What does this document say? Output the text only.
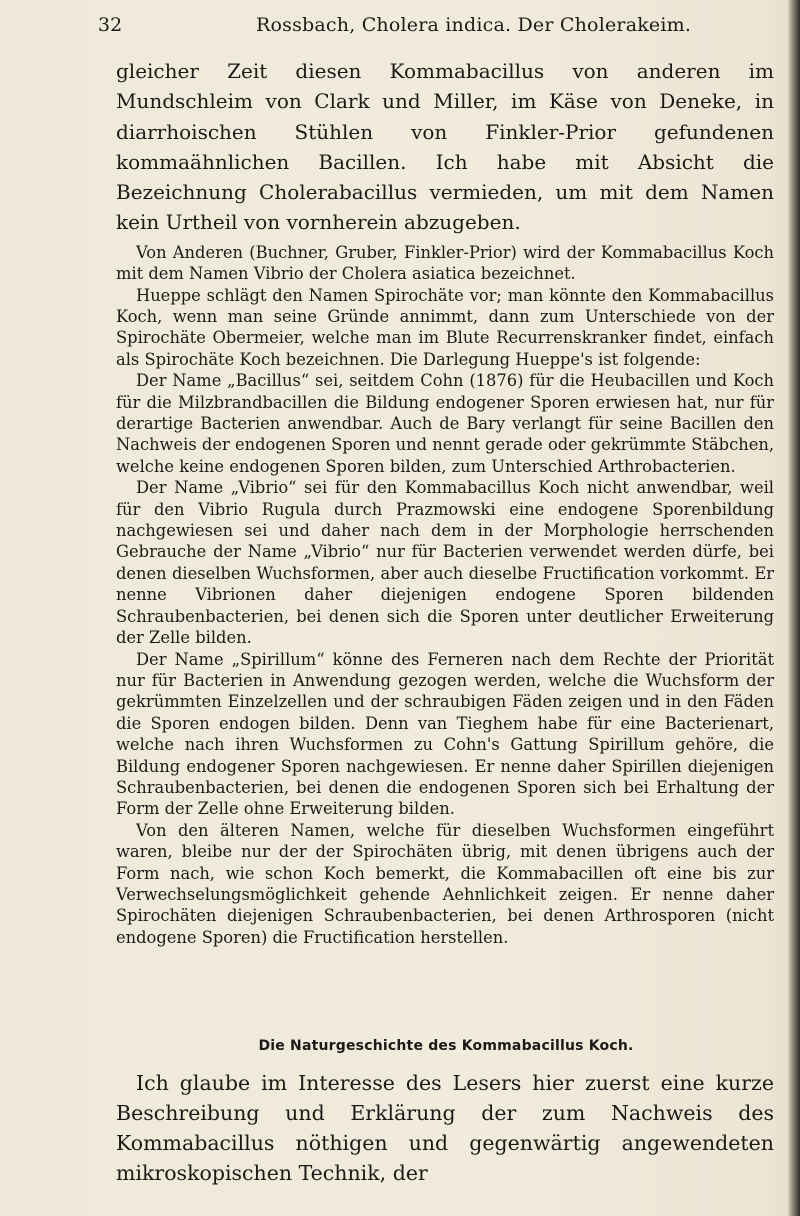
32	Rossbach, Cholera indica. Der Cholerakeim.

gleicher Zeit diesen Kommabacillus von anderen im Mundschleim von Clark und Miller, im Käse von Deneke, in diarrhoischen Stühlen von Finkler-Prior gefundenen kommaähnlichen Bacillen. Ich habe mit Absicht die Bezeichnung Cholerabacillus vermieden, um mit dem Namen kein Urtheil von vornherein abzugeben.

Von Anderen (Buchner, Gruber, Finkler-Prior) wird der Kommabacillus Koch mit dem Namen Vibrio der Cholera asiatica bezeichnet.

Hueppe schlägt den Namen Spirochäte vor; man könnte den Kommabacillus Koch, wenn man seine Gründe annimmt, dann zum Unterschiede von der Spirochäte Obermeier, welche man im Blute Recurrenskranker findet, einfach als Spirochäte Koch bezeichnen. Die Darlegung Hueppe's ist folgende:

Der Name „Bacillus“ sei, seitdem Cohn (1876) für die Heubacillen und Koch für die Milzbrandbacillen die Bildung endogener Sporen erwiesen hat, nur für derartige Bacterien anwendbar. Auch de Bary verlangt für seine Bacillen den Nachweis der endogenen Sporen und nennt gerade oder gekrümmte Stäbchen, welche keine endogenen Sporen bilden, zum Unterschied Arthrobacterien.

Der Name „Vibrio“ sei für den Kommabacillus Koch nicht anwendbar, weil für den Vibrio Rugula durch Prazmowski eine endogene Sporenbildung nachgewiesen sei und daher nach dem in der Morphologie herrschenden Gebrauche der Name „Vibrio“ nur für Bacterien verwendet werden dürfe, bei denen dieselben Wuchsformen, aber auch dieselbe Fructification vorkommt. Er nenne Vibrionen daher diejenigen endogene Sporen bildenden Schraubenbacterien, bei denen sich die Sporen unter deutlicher Erweiterung der Zelle bilden.

Der Name „Spirillum“ könne des Ferneren nach dem Rechte der Priorität nur für Bacterien in Anwendung gezogen werden, welche die Wuchsform der gekrümmten Einzelzellen und der schraubigen Fäden zeigen und in den Fäden die Sporen endogen bilden. Denn van Tieghem habe für eine Bacterienart, welche nach ihren Wuchsformen zu Cohn's Gattung Spirillum gehöre, die Bildung endogener Sporen nachgewiesen. Er nenne daher Spirillen diejenigen Schraubenbacterien, bei denen die endogenen Sporen sich bei Erhaltung der Form der Zelle ohne Erweiterung bilden.

Von den älteren Namen, welche für dieselben Wuchsformen eingeführt waren, bleibe nur der der Spirochäten übrig, mit denen übrigens auch der Form nach, wie schon Koch bemerkt, die Kommabacillen oft eine bis zur Verwechselungsmöglichkeit gehende Aehnlichkeit zeigen. Er nenne daher Spirochäten diejenigen Schraubenbacterien, bei denen Arthrosporen (nicht endogene Sporen) die Fructification herstellen.

Die Naturgeschichte des Kommabacillus Koch.

Ich glaube im Interesse des Lesers hier zuerst eine kurze Beschreibung und Erklärung der zum Nachweis des Kommabacillus nöthigen und gegenwärtig angewendeten mikroskopischen Technik, der
